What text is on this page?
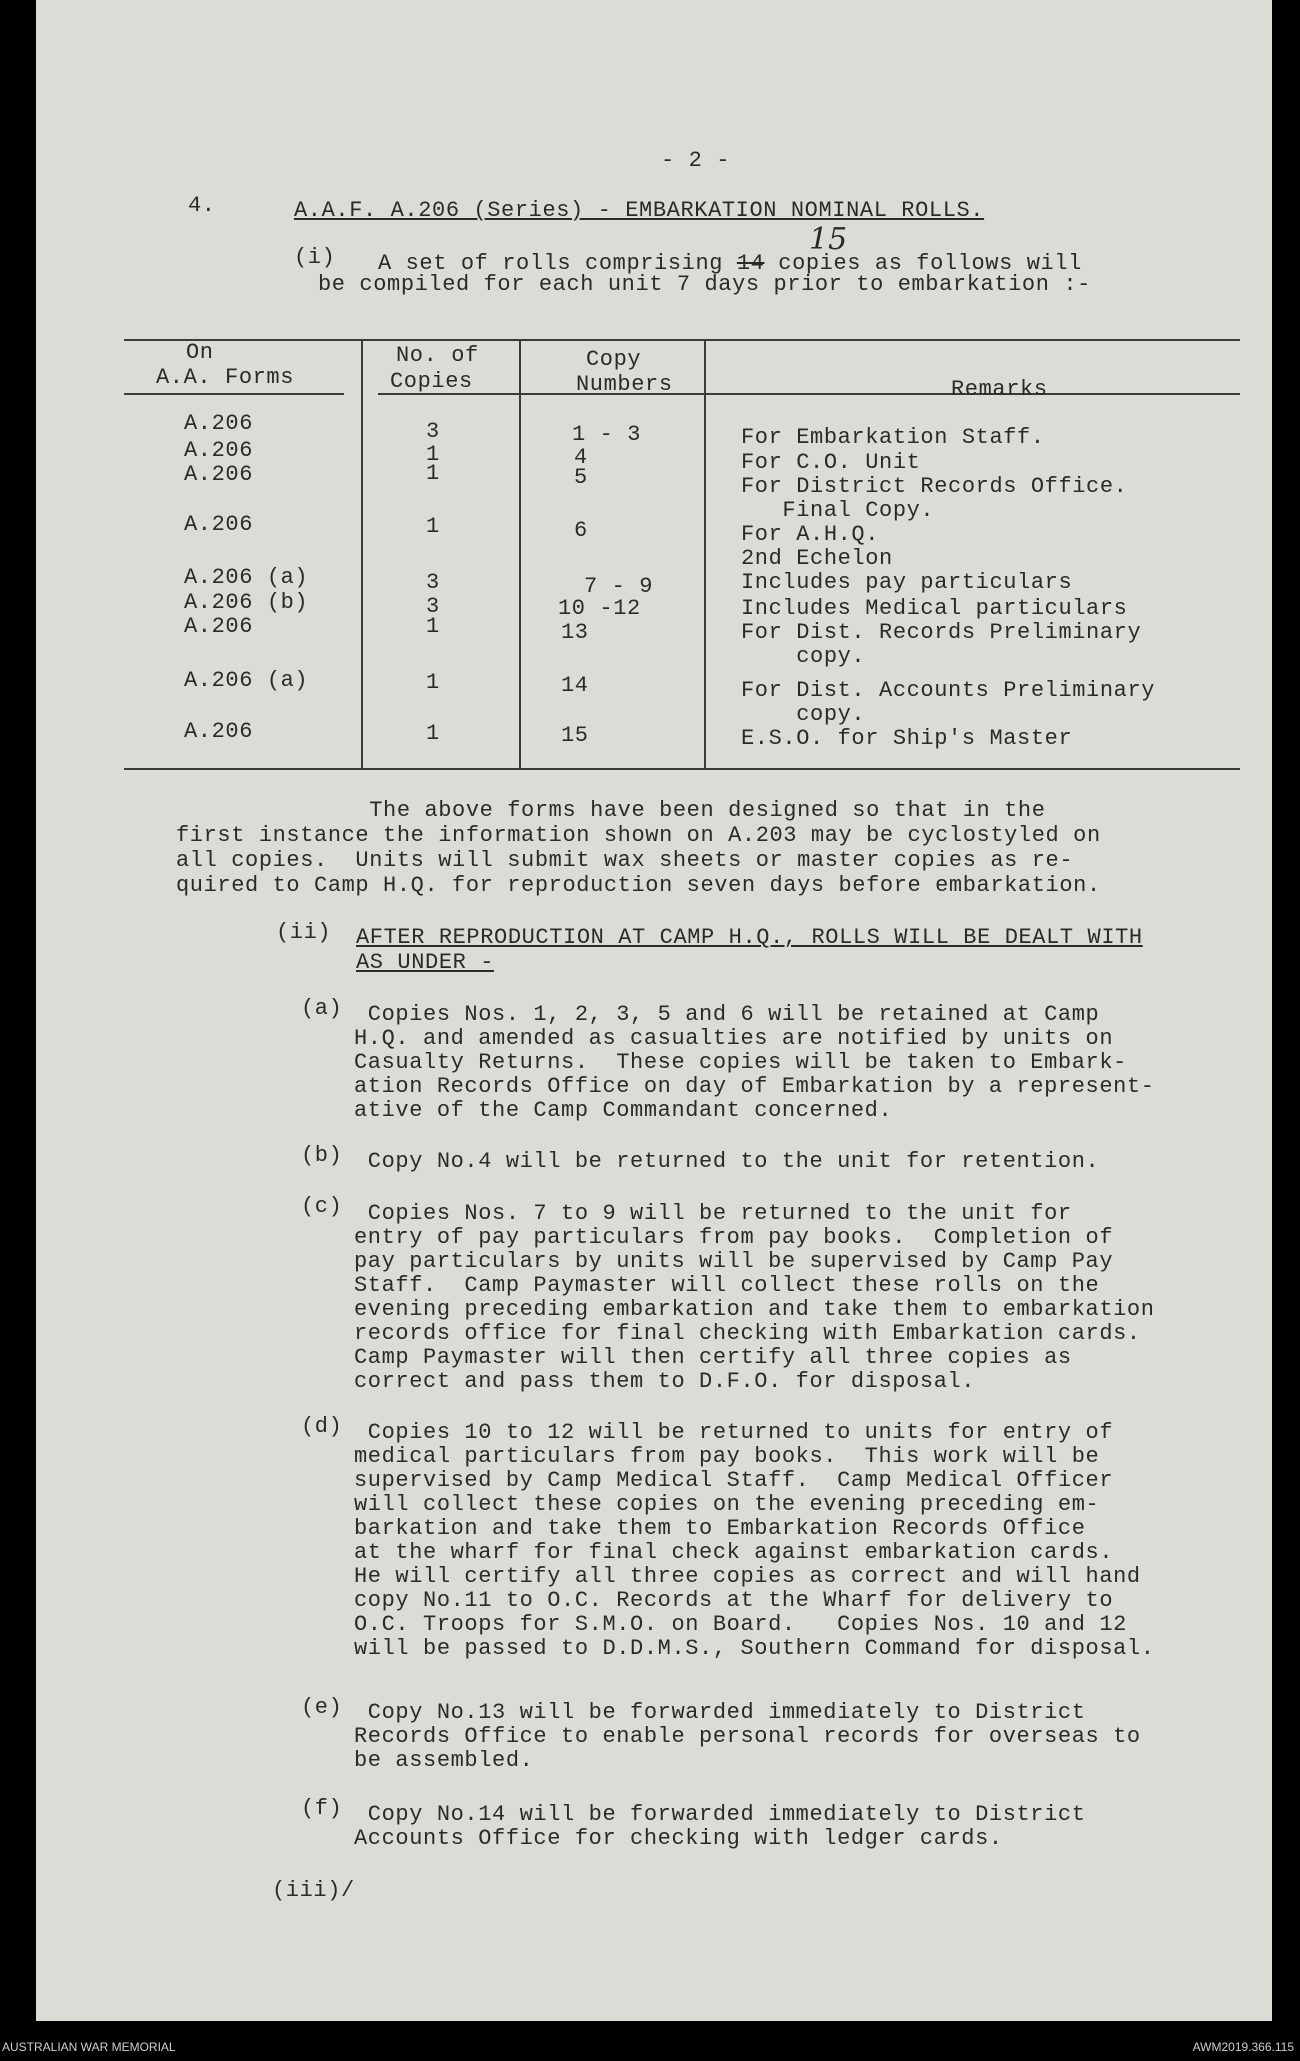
- 2 -
4.	A.A.F. A.206 (Series) - EMBARKATION NOMINAL ROLLS.
(i) A set of rolls comprising 14 copies as follows will
15
be compiled for each unit 7 days prior to embarkation :-
On
A.A. Forms
No. of
Copies
Copy
Numbers	Remarks
A.206	3	1 - 3	For Embarkation Staff.
A.206	1	4	For C.O. Unit
A.206	1	5	For District Records Office.
Final Copy.
A.206	1	6	For A.H.Q.
2nd Echelon
A.206 (a)	3	7 - 9	Includes pay particulars
A.206 (b)	3	10 -12	Includes Medical particulars
A.206	1	13	For Dist. Records Preliminary
copy.
A.206 (a)	1	14	For Dist. Accounts Preliminary
copy.
A.206	1	15	E.S.O. for Ship's Master
The above forms have been designed so that in the
first instance the information shown on A.203 may be cyclostyled on
all copies.  Units will submit wax sheets or master copies as re-
quired to Camp H.Q. for reproduction seven days before embarkation.
(ii) AFTER REPRODUCTION AT CAMP H.Q., ROLLS WILL BE DEALT WITH
AS UNDER -
(a) Copies Nos. 1, 2, 3, 5 and 6 will be retained at Camp
H.Q. and amended as casualties are notified by units on
Casualty Returns.  These copies will be taken to Embark-
ation Records Office on day of Embarkation by a represent-
ative of the Camp Commandant concerned.
(b) Copy No.4 will be returned to the unit for retention.
(c) Copies Nos. 7 to 9 will be returned to the unit for
entry of pay particulars from pay books.  Completion of
pay particulars by units will be supervised by Camp Pay
Staff.  Camp Paymaster will collect these rolls on the
evening preceding embarkation and take them to embarkation
records office for final checking with Embarkation cards.
Camp Paymaster will then certify all three copies as
correct and pass them to D.F.O. for disposal.
(d) Copies 10 to 12 will be returned to units for entry of
medical particulars from pay books.  This work will be
supervised by Camp Medical Staff.  Camp Medical Officer
will collect these copies on the evening preceding em-
barkation and take them to Embarkation Records Office
at the wharf for final check against embarkation cards.
He will certify all three copies as correct and will hand
copy No.11 to O.C. Records at the Wharf for delivery to
O.C. Troops for S.M.O. on Board.   Copies Nos. 10 and 12
will be passed to D.D.M.S., Southern Command for disposal.
(e) Copy No.13 will be forwarded immediately to District
Records Office to enable personal records for overseas to
be assembled.
(f) Copy No.14 will be forwarded immediately to District
Accounts Office for checking with ledger cards.
(iii)/
AUSTRALIAN WAR MEMORIAL	AWM2019.366.115
